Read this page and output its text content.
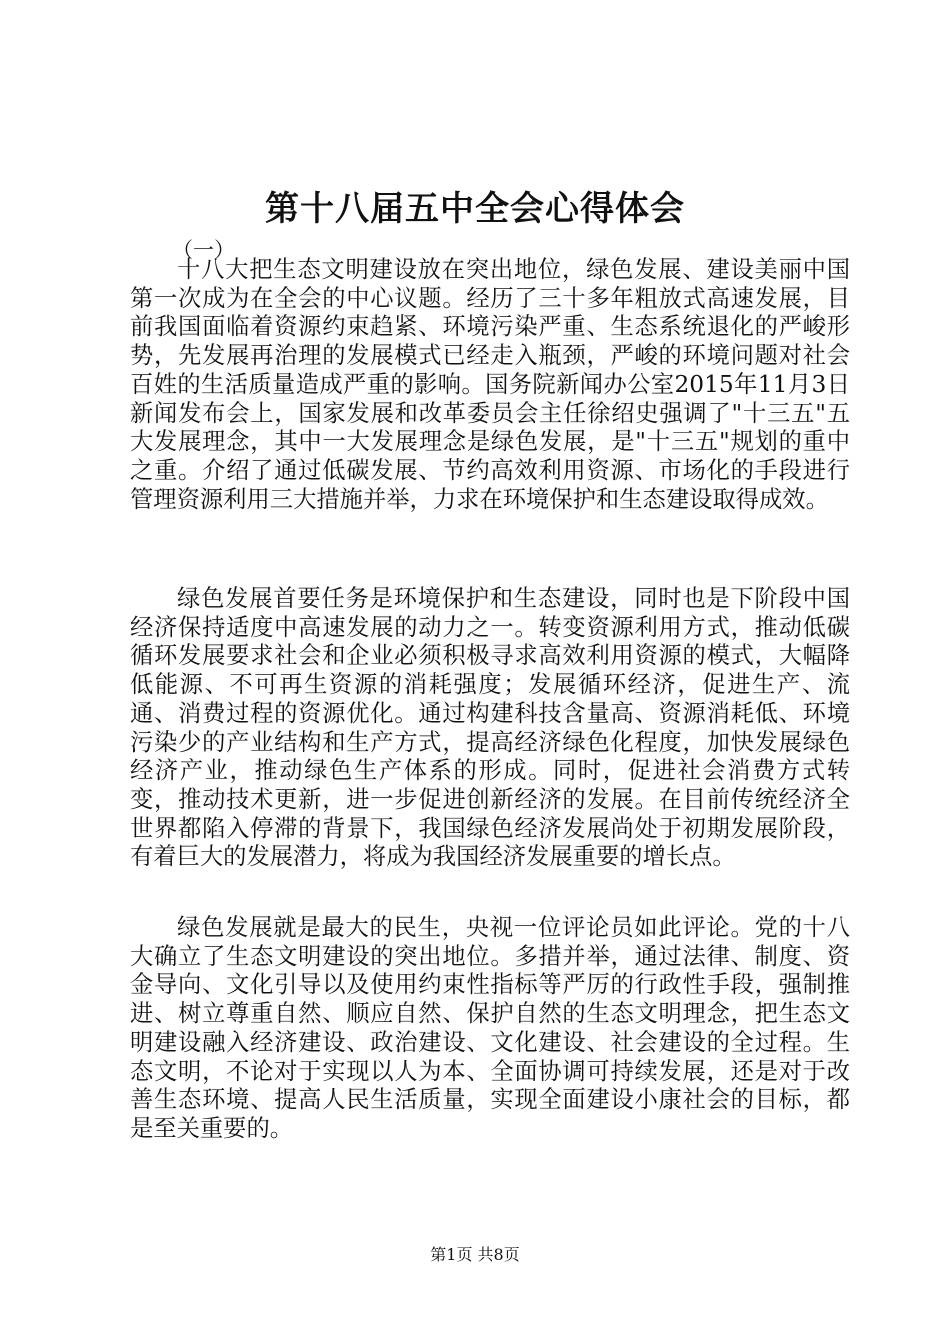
第十八届五中全会心得体会

（一）

十八大把生态文明建设放在突出地位，绿色发展、建设美丽中国第一次成为在全会的中心议题。经历了三十多年粗放式高速发展，目前我国面临着资源约束趋紧、环境污染严重、生态系统退化的严峻形势，先发展再治理的发展模式已经走入瓶颈，严峻的环境问题对社会百姓的生活质量造成严重的影响。国务院新闻办公室2015年11月3日新闻发布会上，国家发展和改革委员会主任徐绍史强调了"十三五"五大发展理念，其中一大发展理念是绿色发展，是"十三五"规划的重中之重。介绍了通过低碳发展、节约高效利用资源、市场化的手段进行管理资源利用三大措施并举，力求在环境保护和生态建设取得成效。

绿色发展首要任务是环境保护和生态建设，同时也是下阶段中国经济保持适度中高速发展的动力之一。转变资源利用方式，推动低碳循环发展要求社会和企业必须积极寻求高效利用资源的模式，大幅降低能源、不可再生资源的消耗强度；发展循环经济，促进生产、流通、消费过程的资源优化。通过构建科技含量高、资源消耗低、环境污染少的产业结构和生产方式，提高经济绿色化程度，加快发展绿色经济产业，推动绿色生产体系的形成。同时，促进社会消费方式转变，推动技术更新，进一步促进创新经济的发展。在目前传统经济全世界都陷入停滞的背景下，我国绿色经济发展尚处于初期发展阶段，有着巨大的发展潜力，将成为我国经济发展重要的增长点。

绿色发展就是最大的民生，央视一位评论员如此评论。党的十八大确立了生态文明建设的突出地位。多措并举，通过法律、制度、资金导向、文化引导以及使用约束性指标等严厉的行政性手段，强制推进、树立尊重自然、顺应自然、保护自然的生态文明理念，把生态文明建设融入经济建设、政治建设、文化建设、社会建设的全过程。生态文明，不论对于实现以人为本、全面协调可持续发展，还是对于改善生态环境、提高人民生活质量，实现全面建设小康社会的目标，都是至关重要的。

第1页 共8页
